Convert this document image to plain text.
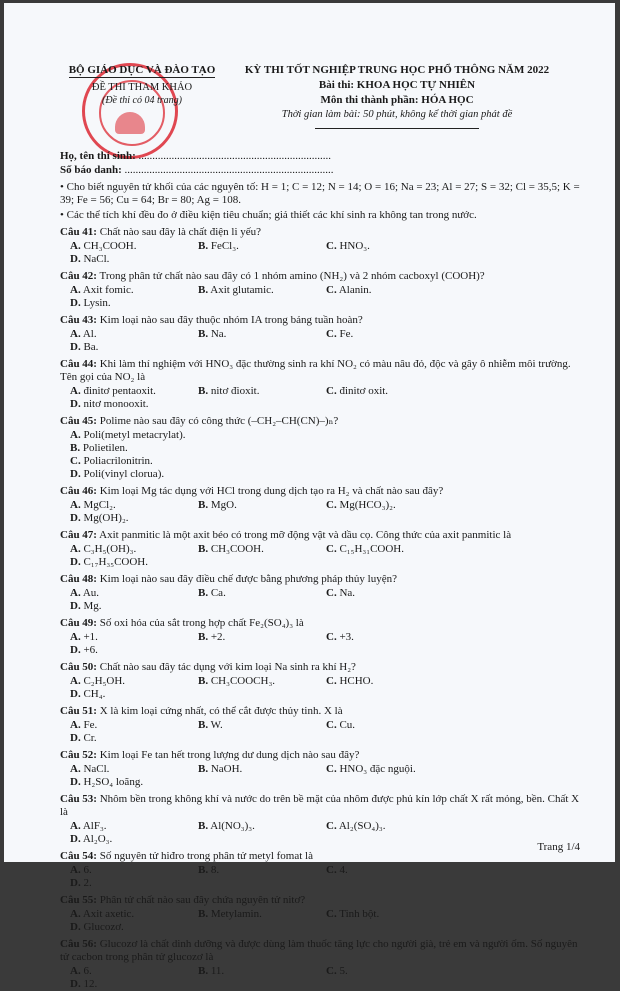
BỘ GIÁO DỤC VÀ ĐÀO TẠO
ĐỀ THI THAM KHẢO
(Đề thi có 04 trang)
KỲ THI TỐT NGHIỆP TRUNG HỌC PHỔ THÔNG NĂM 2022
Bài thi: KHOA HỌC TỰ NHIÊN
Môn thi thành phần: HÓA HỌC
Thời gian làm bài: 50 phút, không kể thời gian phát đề
Họ, tên thí sinh: ......................................................................
Số báo danh: ............................................................................
• Cho biết nguyên tử khối của các nguyên tố: H = 1; C = 12; N = 14; O = 16; Na = 23; Al = 27; S = 32; Cl = 35,5; K = 39; Fe = 56; Cu = 64; Br = 80; Ag = 108.
• Các thể tích khí đều đo ở điều kiện tiêu chuẩn; giả thiết các khí sinh ra không tan trong nước.
Câu 41: Chất nào sau đây là chất điện li yếu?
A. CH₃COOH.	B. FeCl₃.	C. HNO₃.
D. NaCl.
Câu 42: Trong phân tử chất nào sau đây có 1 nhóm amino (NH₂) và 2 nhóm cacboxyl (COOH)?
A. Axit fomic.	B. Axit glutamic.	C. Alanin.
D. Lysin.
Câu 43: Kim loại nào sau đây thuộc nhóm IA trong bảng tuần hoàn?
A. Al.	B. Na.	C. Fe.
D. Ba.
Câu 44: Khi làm thí nghiệm với HNO₃ đặc thường sinh ra khí NO₂ có màu nâu đỏ, độc và gây ô nhiễm môi trường. Tên gọi của NO₂ là
A. đinitơ pentaoxit.	B. nitơ đioxit.	C. đinitơ oxit.
D. nitơ monooxit.
Câu 45: Polime nào sau đây có công thức (–CH₂–CH(CN)–)ₙ?
A. Poli(metyl metacrylat).
B. Polietilen.
C. Poliacrilonitrin.
D. Poli(vinyl clorua).
Câu 46: Kim loại Mg tác dụng với HCl trong dung dịch tạo ra H₂ và chất nào sau đây?
A. MgCl₂.	B. MgO.	C. Mg(HCO₃)₂.
D. Mg(OH)₂.
Câu 47: Axit panmitic là một axit béo có trong mỡ động vật và dầu cọ. Công thức của axit panmitic là
A. C₃H₅(OH)₃.	B. CH₃COOH.	C. C₁₅H₃₁COOH.
D. C₁₇H₃₅COOH.
Câu 48: Kim loại nào sau đây điều chế được bằng phương pháp thủy luyện?
A. Au.	B. Ca.	C. Na.
D. Mg.
Câu 49: Số oxi hóa của sắt trong hợp chất Fe₂(SO₄)₃ là
A. +1.	B. +2.	C. +3.
D. +6.
Câu 50: Chất nào sau đây tác dụng với kim loại Na sinh ra khí H₂?
A. C₂H₅OH.	B. CH₃COOCH₃.	C. HCHO.
D. CH₄.
Câu 51: X là kim loại cứng nhất, có thể cắt được thủy tinh. X là
A. Fe.	B. W.	C. Cu.
D. Cr.
Câu 52: Kim loại Fe tan hết trong lượng dư dung dịch nào sau đây?
A. NaCl.	B. NaOH.	C. HNO₃ đặc nguội.
D. H₂SO₄ loãng.
Câu 53: Nhôm bền trong không khí và nước do trên bề mặt của nhôm được phủ kín lớp chất X rất mỏng, bền. Chất X là
A. AlF₃.	B. Al(NO₃)₃.	C. Al₂(SO₄)₃.
D. Al₂O₃.
Câu 54: Số nguyên tử hiđro trong phân tử metyl fomat là
A. 6.	B. 8.	C. 4.
D. 2.
Câu 55: Phân tử chất nào sau đây chứa nguyên tử nitơ?
A. Axit axetic.	B. Metylamin.	C. Tinh bột.
D. Glucozơ.
Câu 56: Glucozơ là chất dinh dưỡng và được dùng làm thuốc tăng lực cho người già, trẻ em và người ốm. Số nguyên tử cacbon trong phân tử glucozơ là
A. 6.	B. 11.	C. 5.
D. 12.
Trang 1/4
